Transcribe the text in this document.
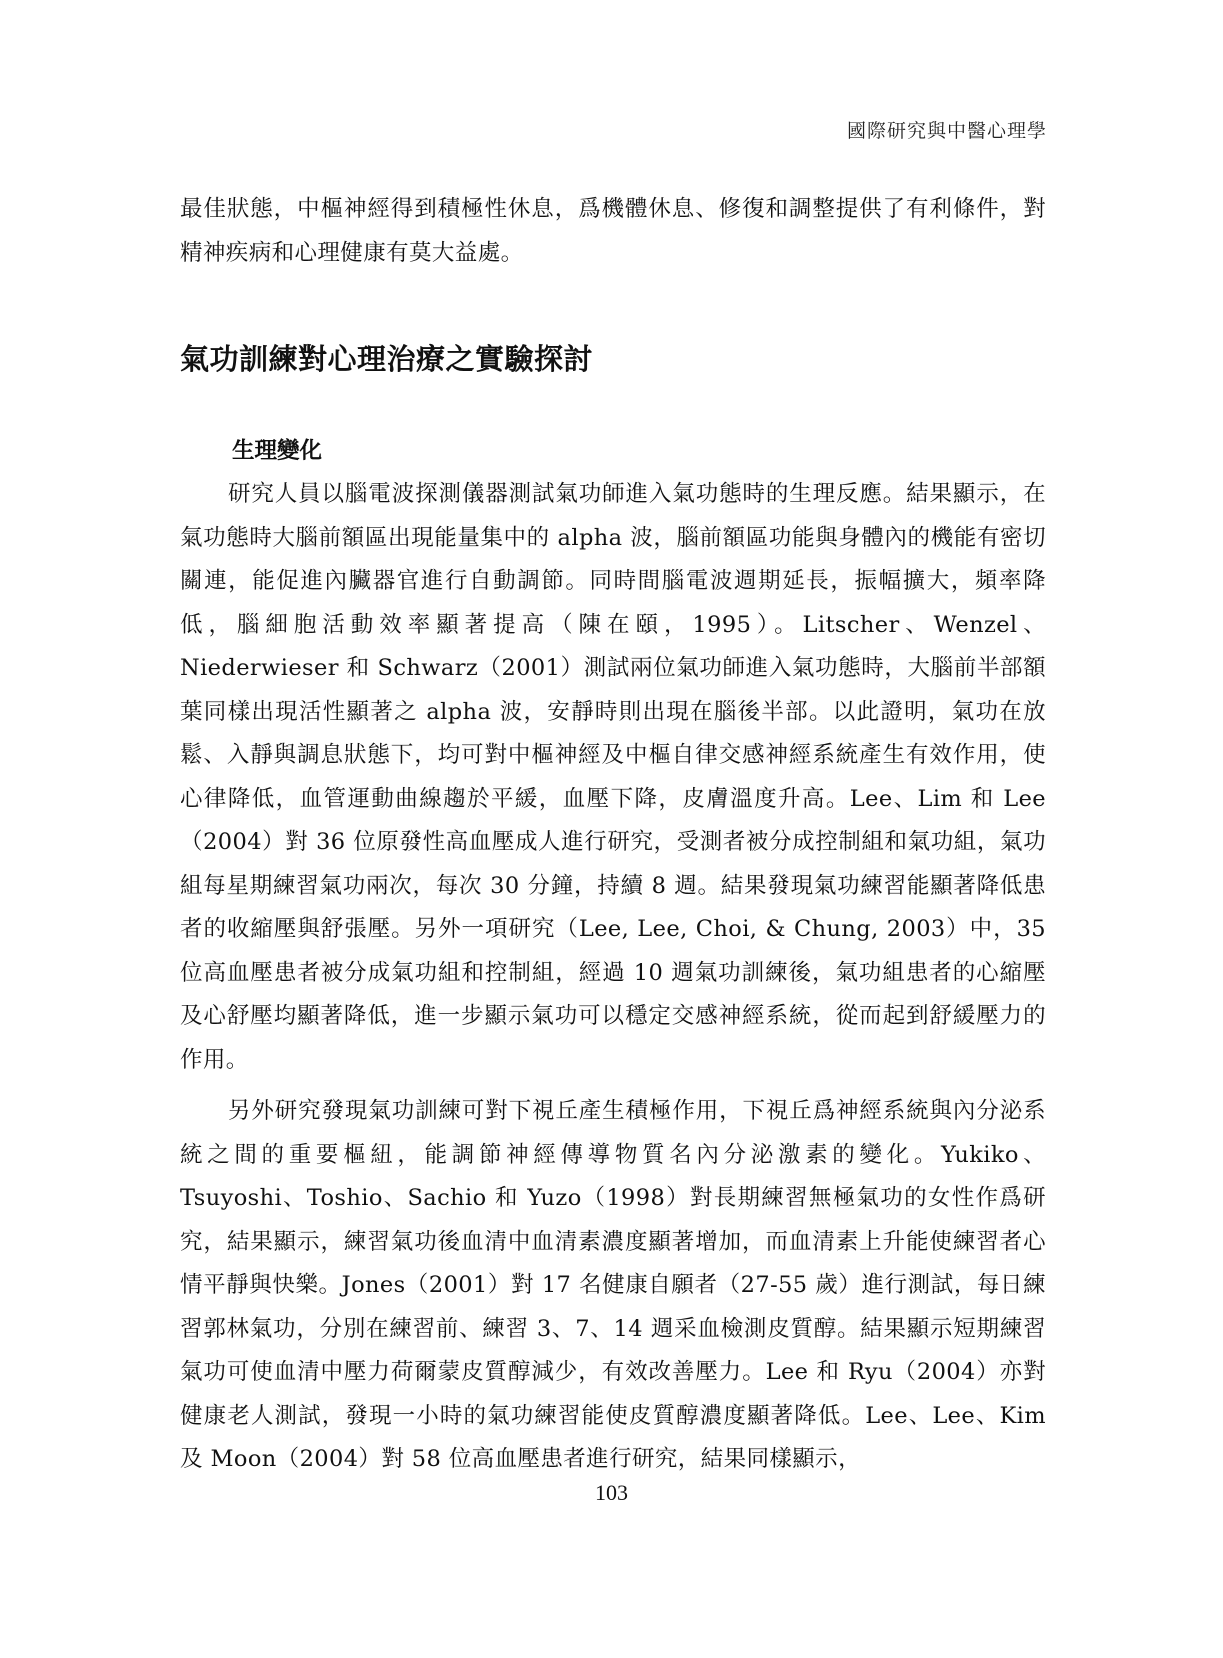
國際研究與中醫心理學

最佳狀態，中樞神經得到積極性休息，爲機體休息、修復和調整提供了有利條件，對精神疾病和心理健康有莫大益處。

氣功訓練對心理治療之實驗探討
生理變化

研究人員以腦電波探測儀器測試氣功師進入氣功態時的生理反應。結果顯示，在氣功態時大腦前額區出現能量集中的 alpha 波，腦前額區功能與身體內的機能有密切關連，能促進內臟器官進行自動調節。同時間腦電波週期延長，振幅擴大，頻率降低，腦細胞活動效率顯著提高（陳在頤，1995）。Litscher、Wenzel、Niederwieser 和 Schwarz（2001）測試兩位氣功師進入氣功態時，大腦前半部額葉同樣出現活性顯著之 alpha 波，安靜時則出現在腦後半部。以此證明，氣功在放鬆、入靜與調息狀態下，均可對中樞神經及中樞自律交感神經系統產生有效作用，使心律降低，血管運動曲線趨於平緩，血壓下降，皮膚溫度升高。Lee、Lim 和 Lee（2004）對 36 位原發性高血壓成人進行研究，受測者被分成控制組和氣功組，氣功組每星期練習氣功兩次，每次 30 分鐘，持續 8 週。結果發現氣功練習能顯著降低患者的收縮壓與舒張壓。另外一項研究（Lee, Lee, Choi, & Chung, 2003）中，35 位高血壓患者被分成氣功組和控制組，經過 10 週氣功訓練後，氣功組患者的心縮壓及心舒壓均顯著降低，進一步顯示氣功可以穩定交感神經系統，從而起到舒緩壓力的作用。

另外研究發現氣功訓練可對下視丘產生積極作用，下視丘爲神經系統與內分泌系統之間的重要樞紐，能調節神經傳導物質名內分泌激素的變化。Yukiko、Tsuyoshi、Toshio、Sachio 和 Yuzo（1998）對長期練習無極氣功的女性作爲研究，結果顯示，練習氣功後血清中血清素濃度顯著增加，而血清素上升能使練習者心情平靜與快樂。Jones（2001）對 17 名健康自願者（27-55 歲）進行測試，每日練習郭林氣功，分別在練習前、練習 3、7、14 週采血檢測皮質醇。結果顯示短期練習氣功可使血清中壓力荷爾蒙皮質醇減少，有效改善壓力。Lee 和 Ryu（2004）亦對健康老人測試，發現一小時的氣功練習能使皮質醇濃度顯著降低。Lee、Lee、Kim 及 Moon（2004）對 58 位高血壓患者進行研究，結果同樣顯示，

103
